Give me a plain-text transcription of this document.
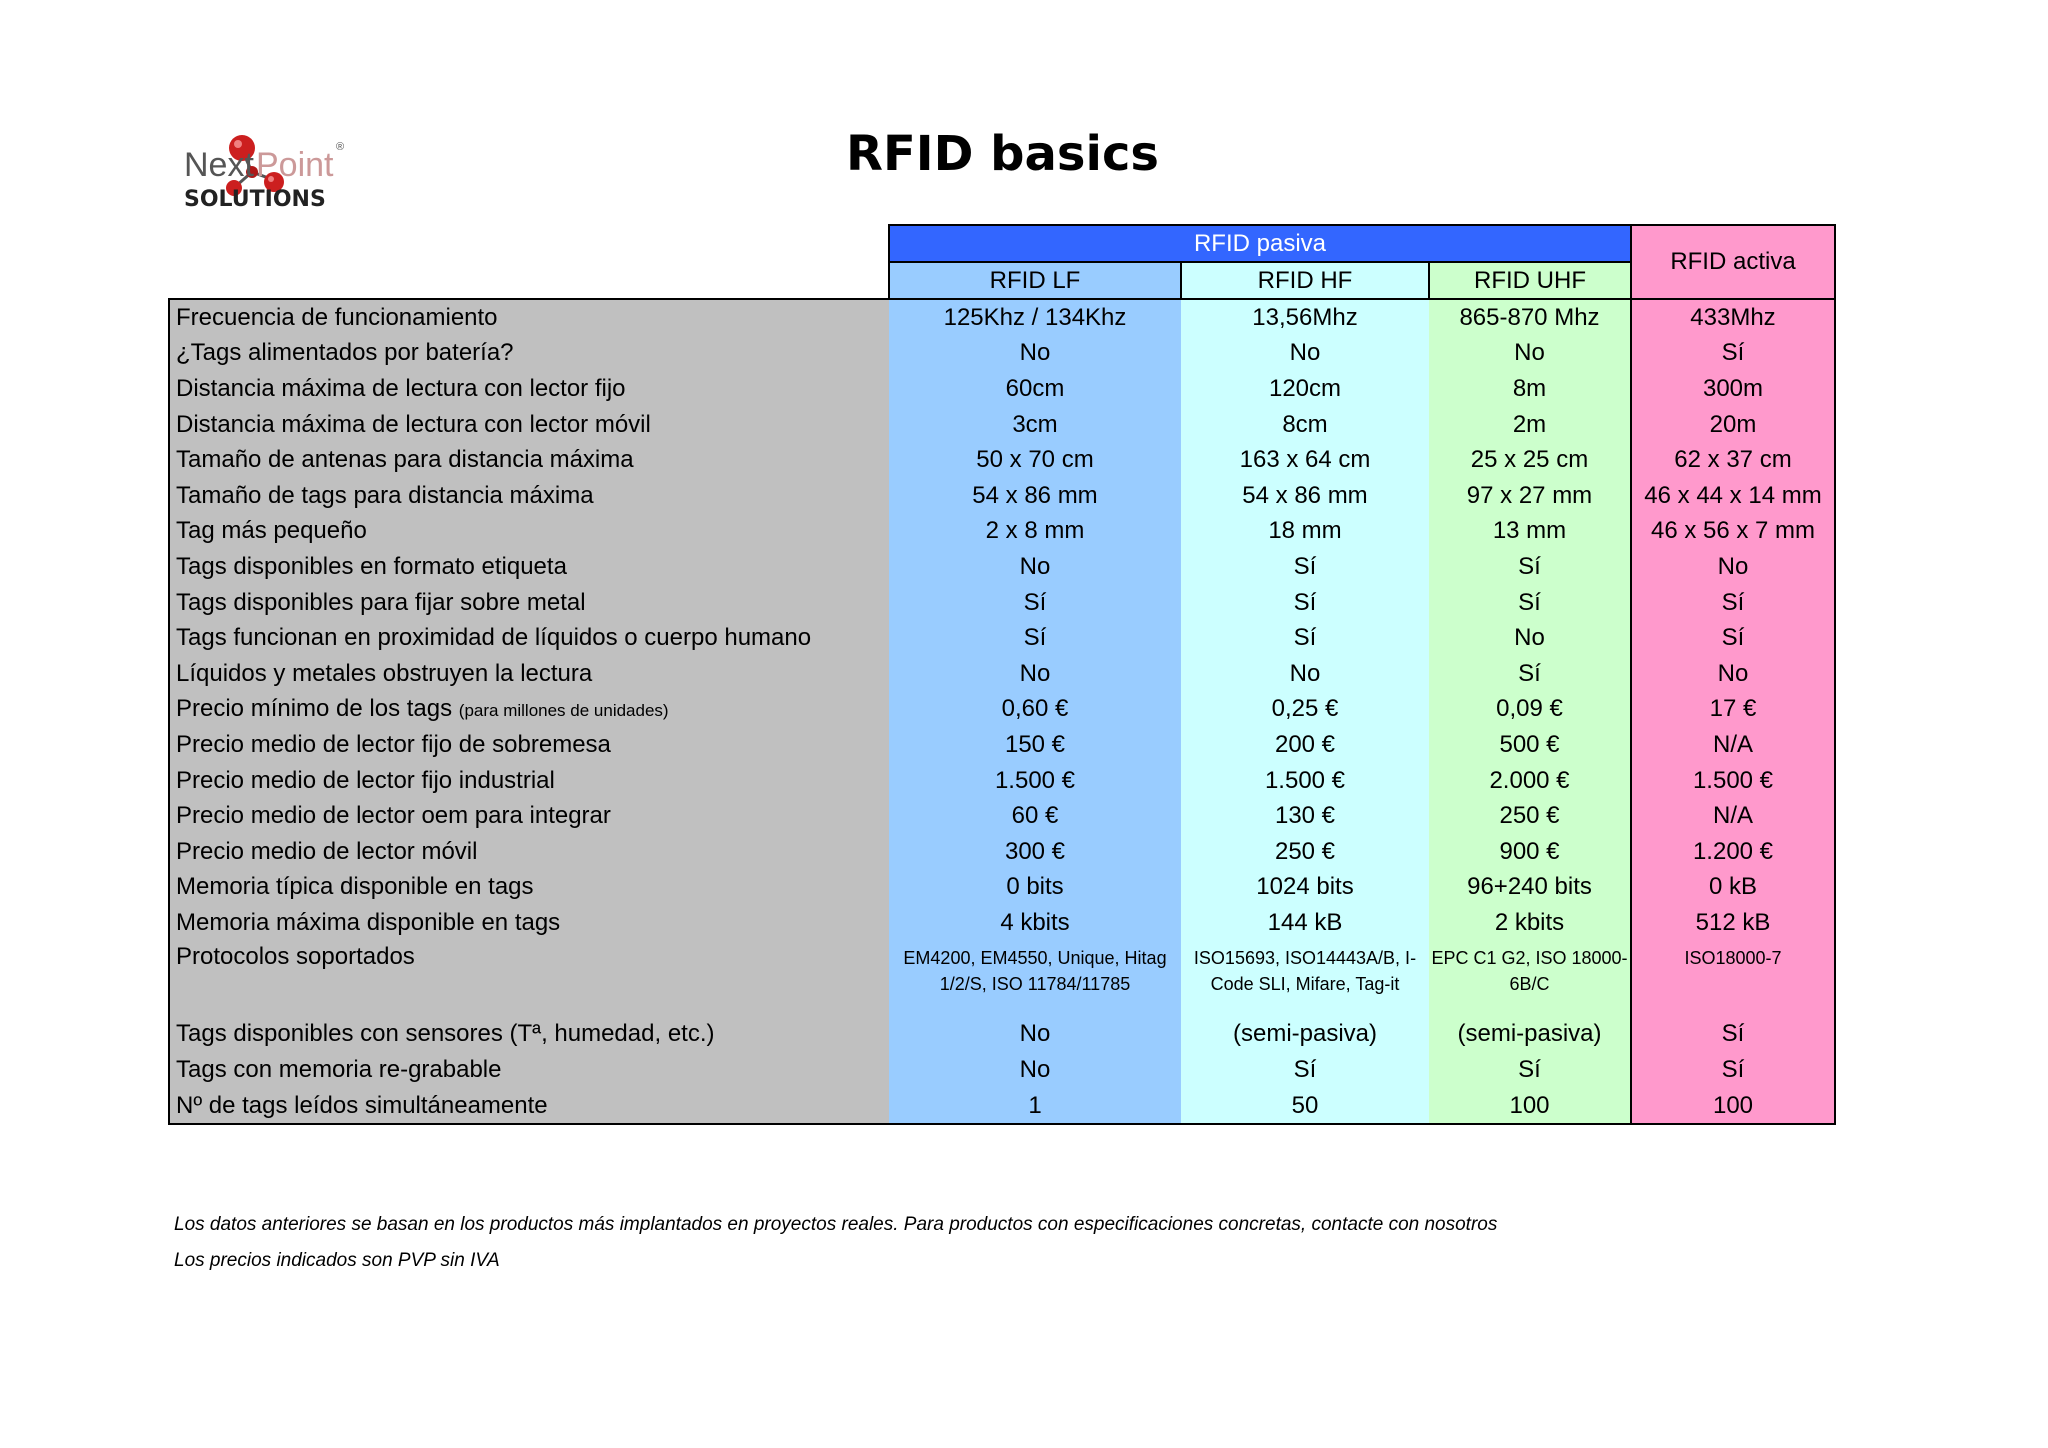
Next Point ®
SOLUTIONS
RFID basics
	RFID pasiva			RFID activa
	RFID LF	RFID HF	RFID UHF	
Frecuencia de funcionamiento	125Khz / 134Khz	13,56Mhz	865-870 Mhz	433Mhz
¿Tags alimentados por batería?	No	No	No	Sí
Distancia máxima de lectura con lector fijo	60cm	120cm	8m	300m
Distancia máxima de lectura con lector móvil	3cm	8cm	2m	20m
Tamaño de antenas para distancia máxima	50 x 70 cm	163 x 64 cm	25 x 25 cm	62 x 37 cm
Tamaño de tags para distancia máxima	54 x 86 mm	54 x 86 mm	97 x 27 mm	46 x 44 x 14 mm
Tag más pequeño	2 x 8 mm	18 mm	13 mm	46 x 56 x 7 mm
Tags disponibles en formato etiqueta	No	Sí	Sí	No
Tags disponibles para fijar sobre metal	Sí	Sí	Sí	Sí
Tags funcionan en proximidad de líquidos o cuerpo humano	Sí	Sí	No	Sí
Líquidos y metales obstruyen la lectura	No	No	Sí	No
Precio mínimo de los tags (para millones de unidades)	0,60 €	0,25 €	0,09 €	17 €
Precio medio de lector fijo de sobremesa	150 €	200 €	500 €	N/A
Precio medio de lector fijo industrial	1.500 €	1.500 €	2.000 €	1.500 €
Precio medio de lector oem para integrar	60 €	130 €	250 €	N/A
Precio medio de lector móvil	300 €	250 €	900 €	1.200 €
Memoria típica disponible en tags	0 bits	1024 bits	96+240 bits	0 kB
Memoria máxima disponible en tags	4 kbits	144 kB	2 kbits	512 kB
Protocolos soportados	EM4200, EM4550, Unique, Hitag 1/2/S, ISO 11784/11785	ISO15693, ISO14443A/B, I-Code SLI, Mifare, Tag-it	EPC C1 G2, ISO 18000-6B/C	ISO18000-7
Tags disponibles con sensores (Tª, humedad, etc.)	No	(semi-pasiva)	(semi-pasiva)	Sí
Tags con memoria re-grabable	No	Sí	Sí	Sí
Nº de tags leídos simultáneamente	1	50	100	100
Los datos anteriores se basan en los productos más implantados en proyectos reales. Para productos con especificaciones concretas, contacte con nosotros
Los precios indicados son PVP sin IVA
